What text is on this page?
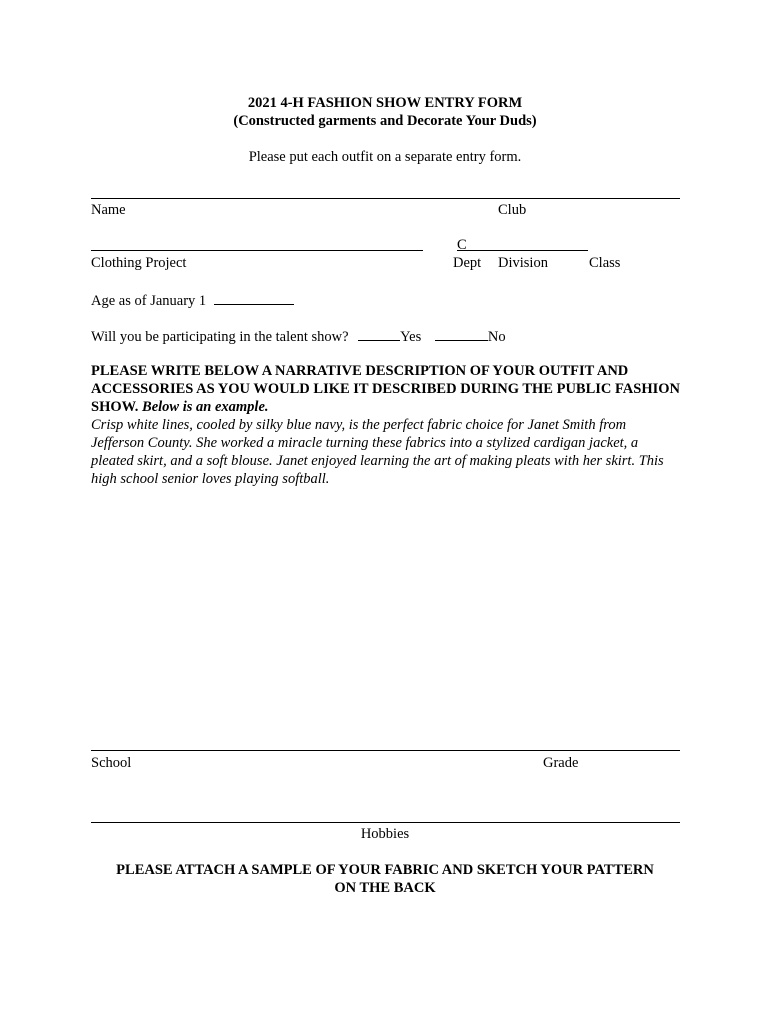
2021 4-H FASHION SHOW ENTRY FORM
(Constructed garments and Decorate Your Duds)
Please put each outfit on a separate entry form.
Name	Club
C
Clothing Project	Dept Division	Class
Age as of January 1
Will you be participating in the talent show?	Yes	No
PLEASE WRITE BELOW A NARRATIVE DESCRIPTION OF YOUR OUTFIT AND ACCESSORIES AS YOU WOULD LIKE IT DESCRIBED DURING THE PUBLIC FASHION SHOW. Below is an example.
Crisp white lines, cooled by silky blue navy, is the perfect fabric choice for Janet Smith from Jefferson County. She worked a miracle turning these fabrics into a stylized cardigan jacket, a pleated skirt, and a soft blouse. Janet enjoyed learning the art of making pleats with her skirt. This high school senior loves playing softball.
School	Grade
Hobbies
PLEASE ATTACH A SAMPLE OF YOUR FABRIC AND SKETCH YOUR PATTERN
ON THE BACK
